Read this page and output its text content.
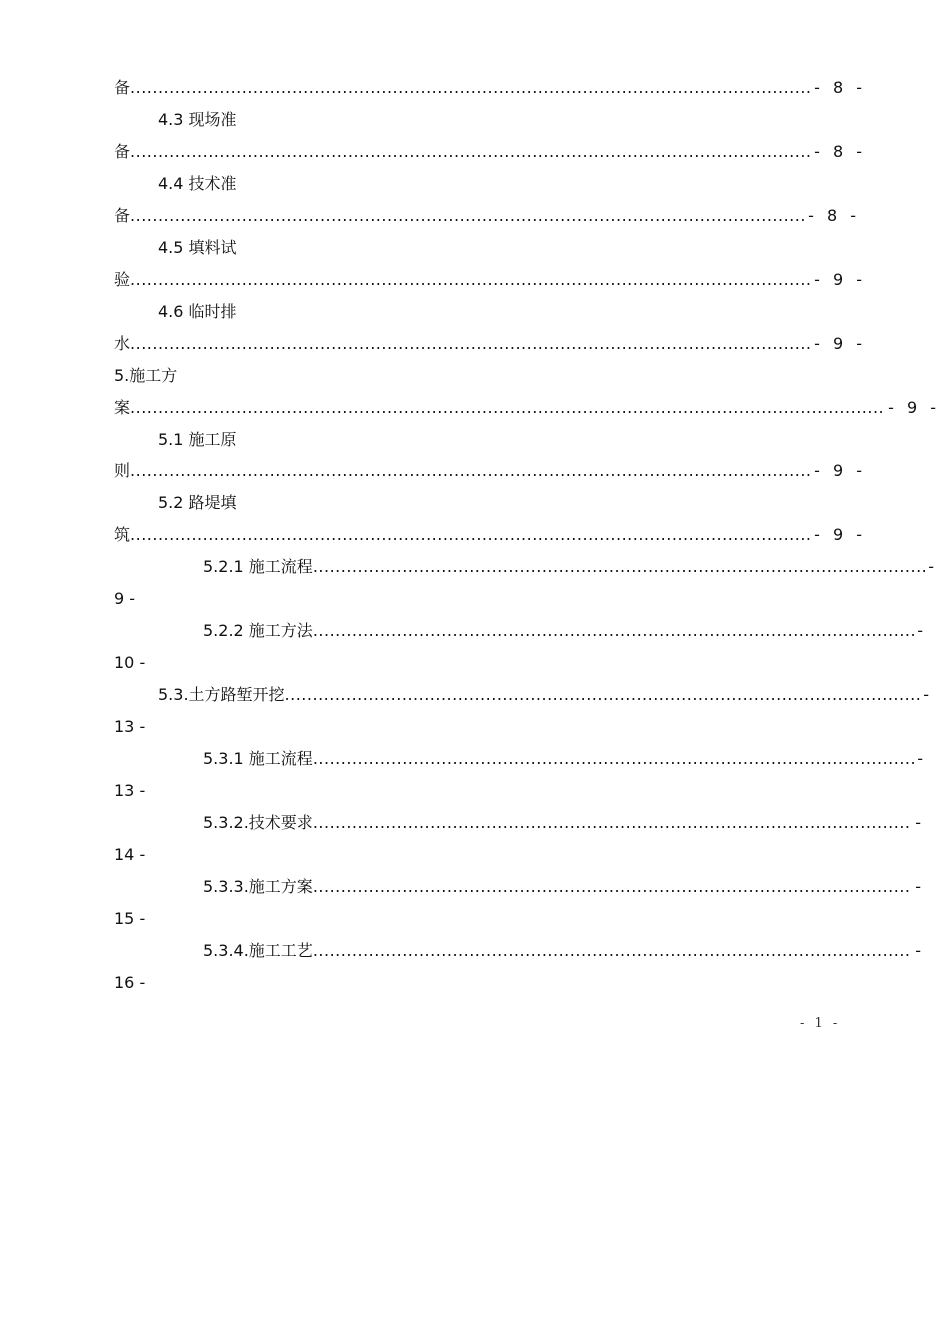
备 .....	- 8 -
4.3 现场准
备 .....	- 8 -
4.4 技术准
备 .....	- 8 -
4.5 填料试
验 .....	- 9 -
4.6 临时排
水 .....	- 9 -
5.施工方
案 .....	- 9 -
5.1 施工原
则 .....	- 9 -
5.2 路堤填
筑 .....	- 9 -
5.2.1 施工流程 .....	-
9 -
5.2.2 施工方法 .....	-
10 -
5.3.土方路堑开挖 .....	-
13 -
5.3.1 施工流程 .....	-
13 -
5.3.2.技术要求 .....	-
14 -
5.3.3.施工方案 .....	-
15 -
5.3.4.施工工艺 .....	-
16 -
- 1 -
